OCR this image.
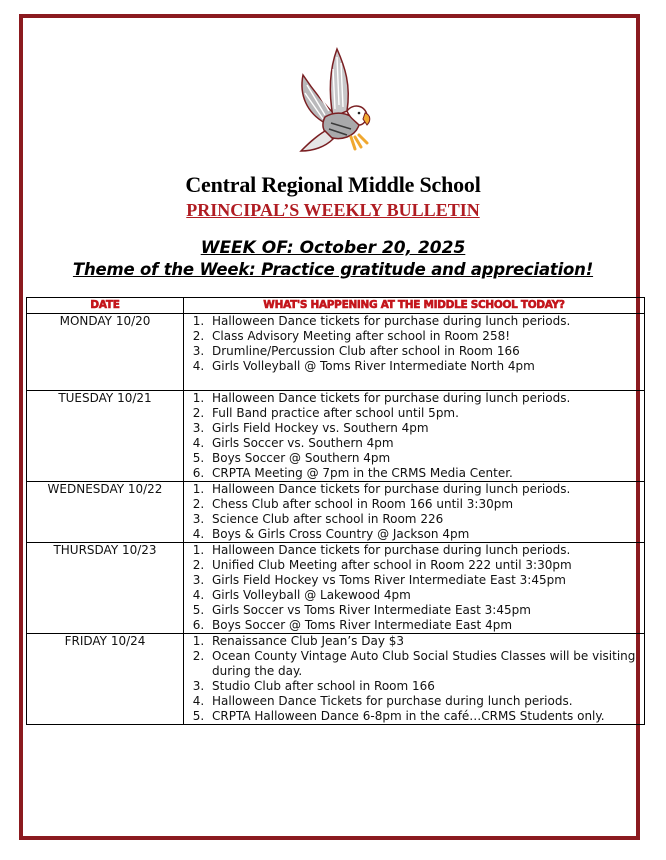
Central Regional Middle School
PRINCIPAL’S WEEKLY BULLETIN
WEEK OF: October 20, 2025
Theme of the Week: Practice gratitude and appreciation!
DATE	WHAT'S HAPPENING AT THE MIDDLE SCHOOL TODAY?
MONDAY 10/20	
1.Halloween Dance tickets for purchase during lunch periods.
2. Class Advisory Meeting after school in Room 258!
3. Drumline/Percussion Club after school in Room 166
4. Girls Volleyball @ Toms River Intermediate North 4pm

TUESDAY 10/21	
1.Halloween Dance tickets for purchase during lunch periods.
2. Full Band practice after school until 5pm.
3. Girls Field Hockey vs. Southern 4pm
4. Girls Soccer vs. Southern 4pm
5. Boys Soccer @ Southern 4pm
6. CRPTA Meeting @ 7pm in the CRMS Media Center.

WEDNESDAY 10/22	
1.Halloween Dance tickets for purchase during lunch periods.
2. Chess Club after school in Room 166 until 3:30pm
3. Science Club after school in Room 226
4. Boys & Girls Cross Country @ Jackson 4pm

THURSDAY 10/23	
1.Halloween Dance tickets for purchase during lunch periods.
2. Unified Club Meeting after school in Room 222 until 3:30pm
3. Girls Field Hockey vs Toms River Intermediate East 3:45pm
4. Girls Volleyball @ Lakewood 4pm
5. Girls Soccer vs Toms River Intermediate East 3:45pm
6. Boys Soccer @ Toms River Intermediate East 4pm

FRIDAY 10/24	
1.Renaissance Club Jean’s Day $3
2. Ocean County Vintage Auto Club Social Studies Classes will be visiting during the day.
3. Studio Club after school in Room 166
4. Halloween Dance Tickets for purchase during lunch periods.
5. CRPTA Halloween Dance 6-8pm in the café…CRMS Students only.
